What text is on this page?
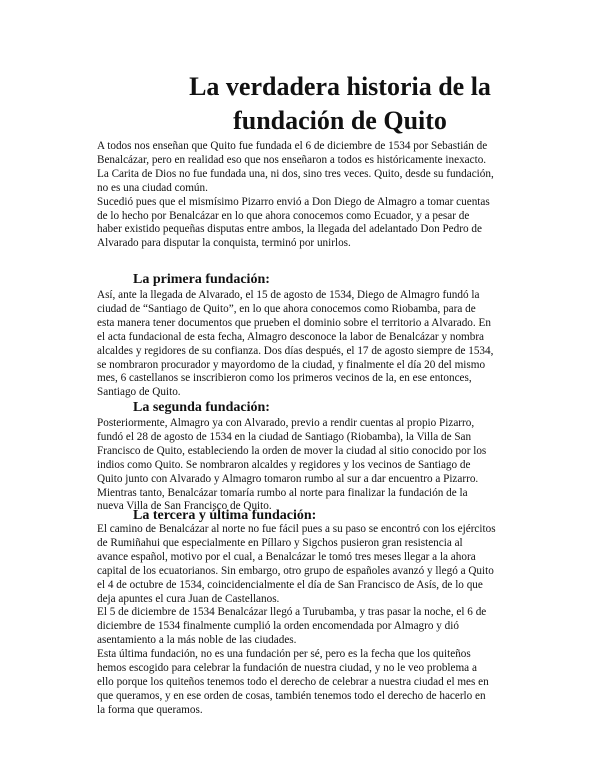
La verdadera historia de la
fundación de Quito

A todos nos enseñan que Quito fue fundada el 6 de diciembre de 1534 por Sebastián de
Benalcázar, pero en realidad eso que nos enseñaron a todos es históricamente inexacto.
La Carita de Dios no fue fundada una, ni dos, sino tres veces. Quito, desde su fundación,
no es una ciudad común.

Sucedió pues que el mismísimo Pizarro envió a Don Diego de Almagro a tomar cuentas
de lo hecho por Benalcázar en lo que ahora conocemos como Ecuador, y a pesar de
haber existido pequeñas disputas entre ambos, la llegada del adelantado Don Pedro de
Alvarado para disputar la conquista, terminó por unirlos.

La primera fundación:

Así, ante la llegada de Alvarado, el 15 de agosto de 1534, Diego de Almagro fundó la
ciudad de “Santiago de Quito”, en lo que ahora conocemos como Riobamba, para de
esta manera tener documentos que prueben el dominio sobre el territorio a Alvarado. En
el acta fundacional de esta fecha, Almagro desconoce la labor de Benalcázar y nombra
alcaldes y regidores de su confianza. Dos días después, el 17 de agosto siempre de 1534,
se nombraron procurador y mayordomo de la ciudad, y finalmente el día 20 del mismo
mes, 6 castellanos se inscribieron como los primeros vecinos de la, en ese entonces,
Santiago de Quito.

La segunda fundación:

Posteriormente, Almagro ya con Alvarado, previo a rendir cuentas al propio Pizarro,
fundó el 28 de agosto de 1534 en la ciudad de Santiago (Riobamba), la Villa de San
Francisco de Quito, estableciendo la orden de mover la ciudad al sitio conocido por los
indios como Quito. Se nombraron alcaldes y regidores y los vecinos de Santiago de
Quito junto con Alvarado y Almagro tomaron rumbo al sur a dar encuentro a Pizarro.
Mientras tanto, Benalcázar tomaría rumbo al norte para finalizar la fundación de la
nueva Villa de San Francisco de Quito.

La tercera y última fundación:

El camino de Benalcázar al norte no fue fácil pues a su paso se encontró con los ejércitos
de Rumiñahui que especialmente en Píllaro y Sigchos pusieron gran resistencia al
avance español, motivo por el cual, a Benalcázar le tomó tres meses llegar a la ahora
capital de los ecuatorianos. Sin embargo, otro grupo de españoles avanzó y llegó a Quito
el 4 de octubre de 1534, coincidencialmente el día de San Francisco de Asís, de lo que
deja apuntes el cura Juan de Castellanos.

El 5 de diciembre de 1534 Benalcázar llegó a Turubamba, y tras pasar la noche, el 6 de
diciembre de 1534 finalmente cumplió la orden encomendada por Almagro y dió
asentamiento a la más noble de las ciudades.

Esta última fundación, no es una fundación per sé, pero es la fecha que los quiteños
hemos escogido para celebrar la fundación de nuestra ciudad, y no le veo problema a
ello porque los quiteños tenemos todo el derecho de celebrar a nuestra ciudad el mes en
que queramos, y en ese orden de cosas, también tenemos todo el derecho de hacerlo en
la forma que queramos.
